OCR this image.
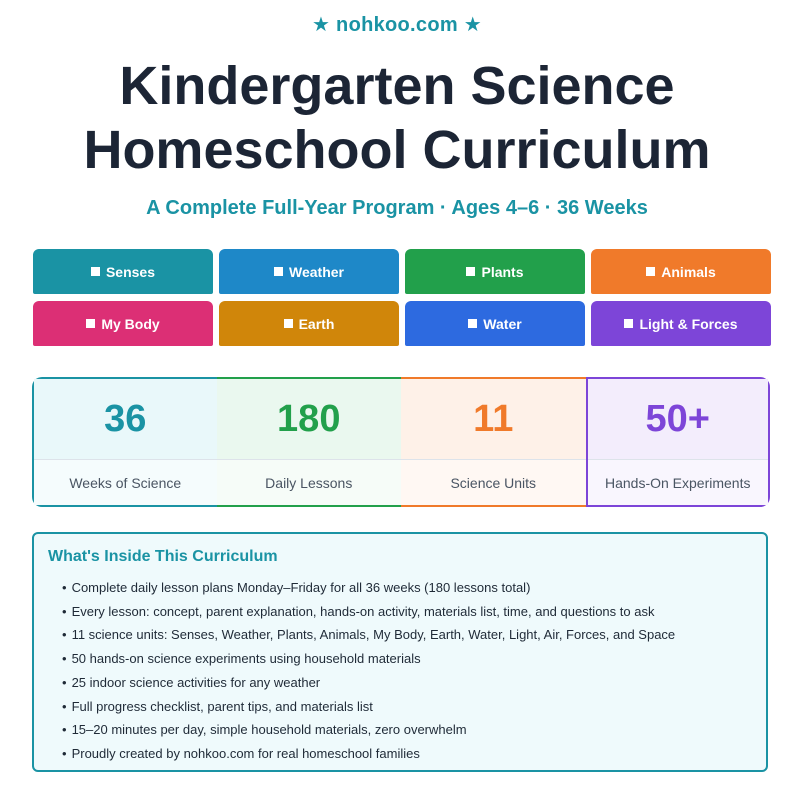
★ nohkoo.com ★
Kindergarten Science
Homeschool Curriculum
A Complete Full-Year Program · Ages 4–6 · 36 Weeks
Senses	Weather	Plants	Animals
My Body	Earth	Water	Light & Forces
36
Weeks of Science
180
Daily Lessons
11
Science Units
50+
Hands-On Experiments
What's Inside This Curriculum
• Complete daily lesson plans Monday–Friday for all 36 weeks (180 lessons total)
• Every lesson: concept, parent explanation, hands-on activity, materials list, time, and questions to ask
• 11 science units: Senses, Weather, Plants, Animals, My Body, Earth, Water, Light, Air, Forces, and Space
• 50 hands-on science experiments using household materials
• 25 indoor science activities for any weather
• Full progress checklist, parent tips, and materials list
• 15–20 minutes per day, simple household materials, zero overwhelm
• Proudly created by nohkoo.com for real homeschool families
